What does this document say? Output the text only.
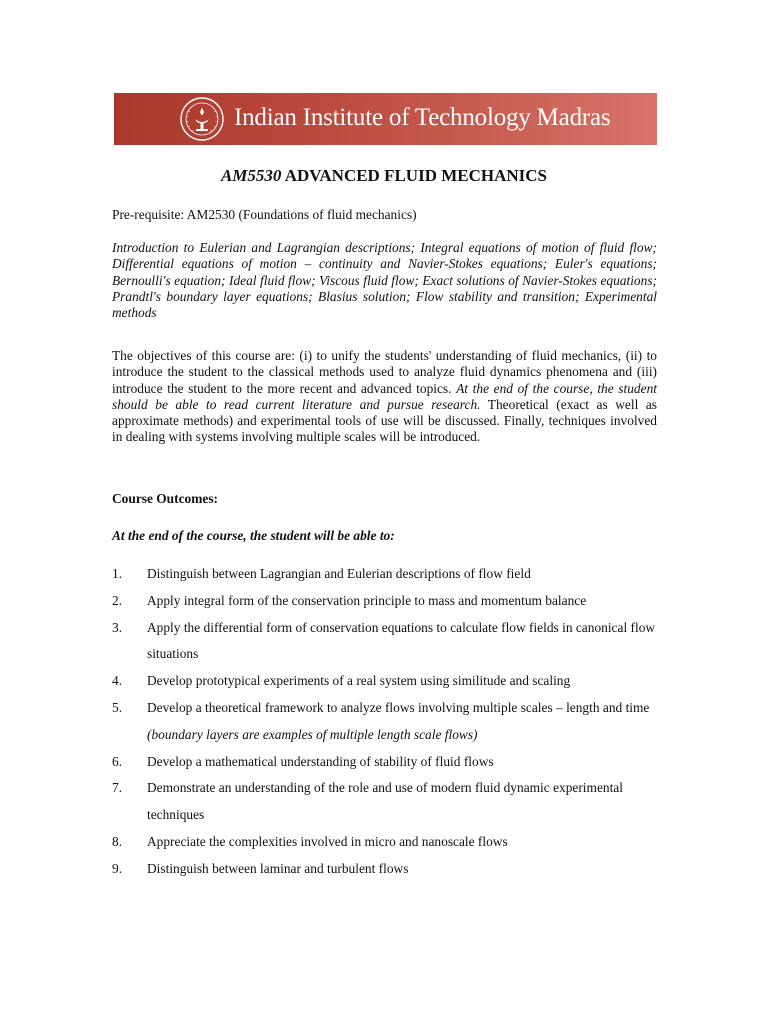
Indian Institute of Technology Madras
AM5530 ADVANCED FLUID MECHANICS
Pre-requisite: AM2530 (Foundations of fluid mechanics)
Introduction to Eulerian and Lagrangian descriptions; Integral equations of motion of fluid flow; Differential equations of motion – continuity and Navier-Stokes equations; Euler's equations; Bernoulli's equation; Ideal fluid flow; Viscous fluid flow; Exact solutions of Navier-Stokes equations; Prandtl's boundary layer equations; Blasius solution; Flow stability and transition; Experimental methods
The objectives of this course are: (i) to unify the students' understanding of fluid mechanics, (ii) to introduce the student to the classical methods used to analyze fluid dynamics phenomena and (iii) introduce the student to the more recent and advanced topics. At the end of the course, the student should be able to read current literature and pursue research. Theoretical (exact as well as approximate methods) and experimental tools of use will be discussed. Finally, techniques involved in dealing with systems involving multiple scales will be introduced.
Course Outcomes:
At the end of the course, the student will be able to:
1. Distinguish between Lagrangian and Eulerian descriptions of flow field
2. Apply integral form of the conservation principle to mass and momentum balance
3. Apply the differential form of conservation equations to calculate flow fields in canonical flow situations
4. Develop prototypical experiments of a real system using similitude and scaling
5. Develop a theoretical framework to analyze flows involving multiple scales – length and time (boundary layers are examples of multiple length scale flows)
6. Develop a mathematical understanding of stability of fluid flows
7. Demonstrate an understanding of the role and use of modern fluid dynamic experimental techniques
8. Appreciate the complexities involved in micro and nanoscale flows
9. Distinguish between laminar and turbulent flows
